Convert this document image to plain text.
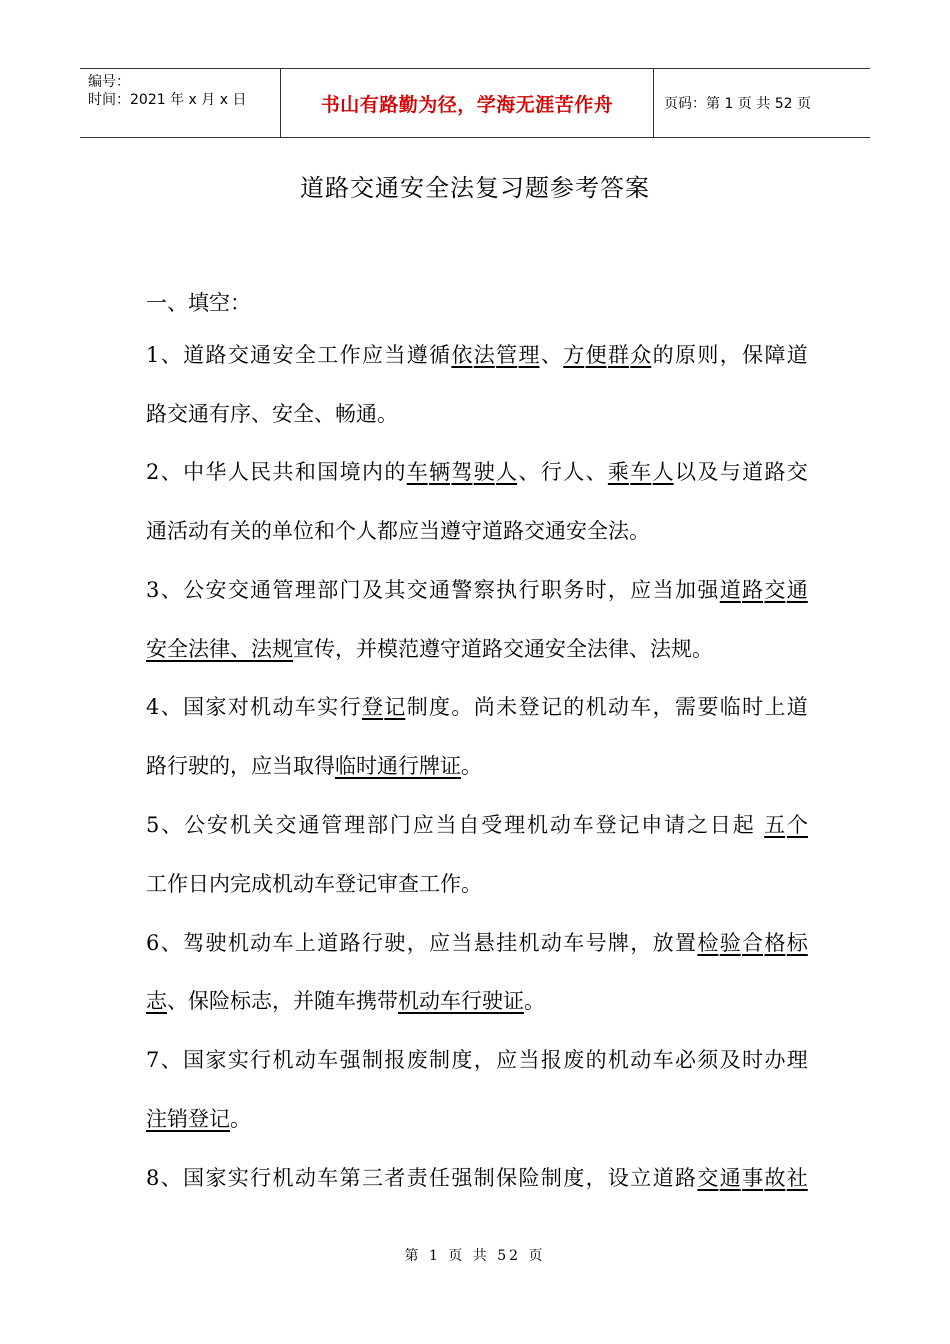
编号：
时间：2021 年 x 月 x 日	书山有路勤为径，学海无涯苦作舟	页码：第 1 页 共 52 页
道路交通安全法复习题参考答案
一、填空：
1 、 道 路 交 通 安 全 工 作 应 当 遵 循 依 法 管 理 、 方 便 群 众 的 原 则 ， 保 障 道
路交通有序、安全、畅通。
2 、 中 华 人 民 共 和 国 境 内 的 车 辆 驾 驶 人 、 行 人 、 乘 车 人 以 及 与 道 路 交
通活动有关的单位和个人都应当遵守道路交通安全法。
3 、 公 安 交 通 管 理 部 门 及 其 交 通 警 察 执 行 职 务 时 ， 应 当 加 强 道 路 交 通
安全法律、法规宣传，并模范遵守道路交通安全法律、法规。
4 、 国 家 对 机 动 车 实 行 登 记 制 度 。 尚 未 登 记 的 机 动 车 ， 需 要 临 时 上 道
路行驶的，应当取得临时通行牌证。
5 、 公 安 机 关 交 通 管 理 部 门 应 当 自 受 理 机 动 车 登 记 申 请 之 日 起
五 个
工作日内完成机动车登记审查工作。
6 、 驾 驶 机 动 车 上 道 路 行 驶 ， 应 当 悬 挂 机 动 车 号 牌 ， 放 置 检 验 合 格 标
志、保险标志，并随车携带机动车行驶证。
7 、 国 家 实 行 机 动 车 强 制 报 废 制 度 ， 应 当 报 废 的 机 动 车 必 须 及 时 办 理
注销登记。
8 、 国 家 实 行 机 动 车 第 三 者 责 任 强 制 保 险 制 度 ， 设 立 道 路 交 通 事 故 社
第 1 页 共 52 页
